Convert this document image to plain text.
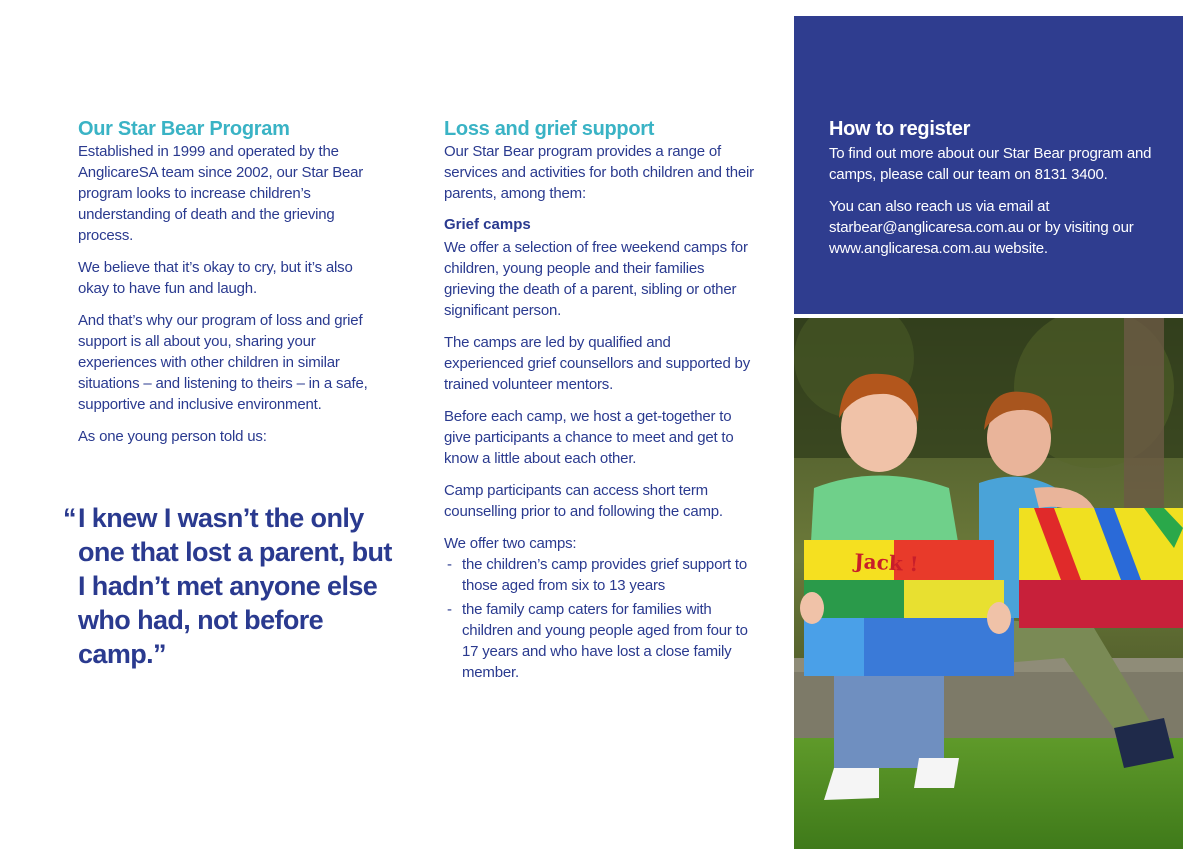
Our Star Bear Program

Established in 1999 and operated by the AnglicareSA team since 2002, our Star Bear program looks to increase children’s understanding of death and the grieving process.

We believe that it’s okay to cry, but it’s also okay to have fun and laugh.

And that’s why our program of loss and grief support is all about you, sharing your experiences with other children in similar situations – and listening to theirs – in a safe, supportive and inclusive environment.

As one young person told us:

“ I knew I wasn’t the only one that lost a parent, but I hadn’t met anyone else who had, not before camp.”
Loss and grief support

Our Star Bear program provides a range of services and activities for both children and their parents, among them:

Grief camps

We offer a selection of free weekend camps for children, young people and their families grieving the death of a parent, sibling or other significant person.

The camps are led by qualified and experienced grief counsellors and supported by trained volunteer mentors.

Before each camp, we host a get-together to give participants a chance to meet and get to know a little about each other.

Camp participants can access short term counselling prior to and following the camp.

We offer two camps:

- the children’s camp provides grief support to those aged from six to 13 years
- the family camp caters for families with children and young people aged from four to 17 years and who have lost a close family member.
How to register

To find out more about our Star Bear program and camps, please call our team on 8131 3400.

You can also reach us via email at starbear@anglicaresa.com.au or by visiting our www.anglicaresa.com.au website.

Jack !
